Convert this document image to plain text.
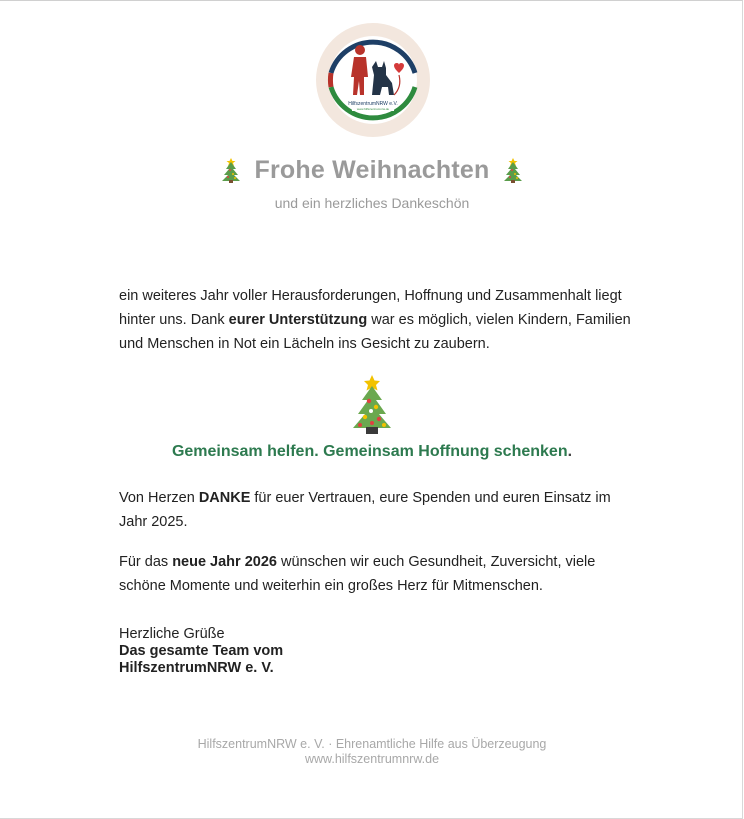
HilfszentrumNRW e.V.
www.hilfszentrumnrw.de
Frohe Weihnachten
und ein herzliches Dankeschön
ein weiteres Jahr voller Herausforderungen, Hoffnung und Zusammenhalt liegt hinter uns. Dank eurer Unterstützung war es möglich, vielen Kindern, Familien und Menschen in Not ein Lächeln ins Gesicht zu zaubern.
Gemeinsam helfen. Gemeinsam Hoffnung schenken.
Von Herzen DANKE für euer Vertrauen, eure Spenden und euren Einsatz im Jahr 2025.
Für das neue Jahr 2026 wünschen wir euch Gesundheit, Zuversicht, viele schöne Momente und weiterhin ein großes Herz für Mitmenschen.
Herzliche Grüße
Das gesamte Team vom
HilfszentrumNRW e. V.
HilfszentrumNRW e. V. · Ehrenamtliche Hilfe aus Überzeugung
www.hilfszentrumnrw.de
